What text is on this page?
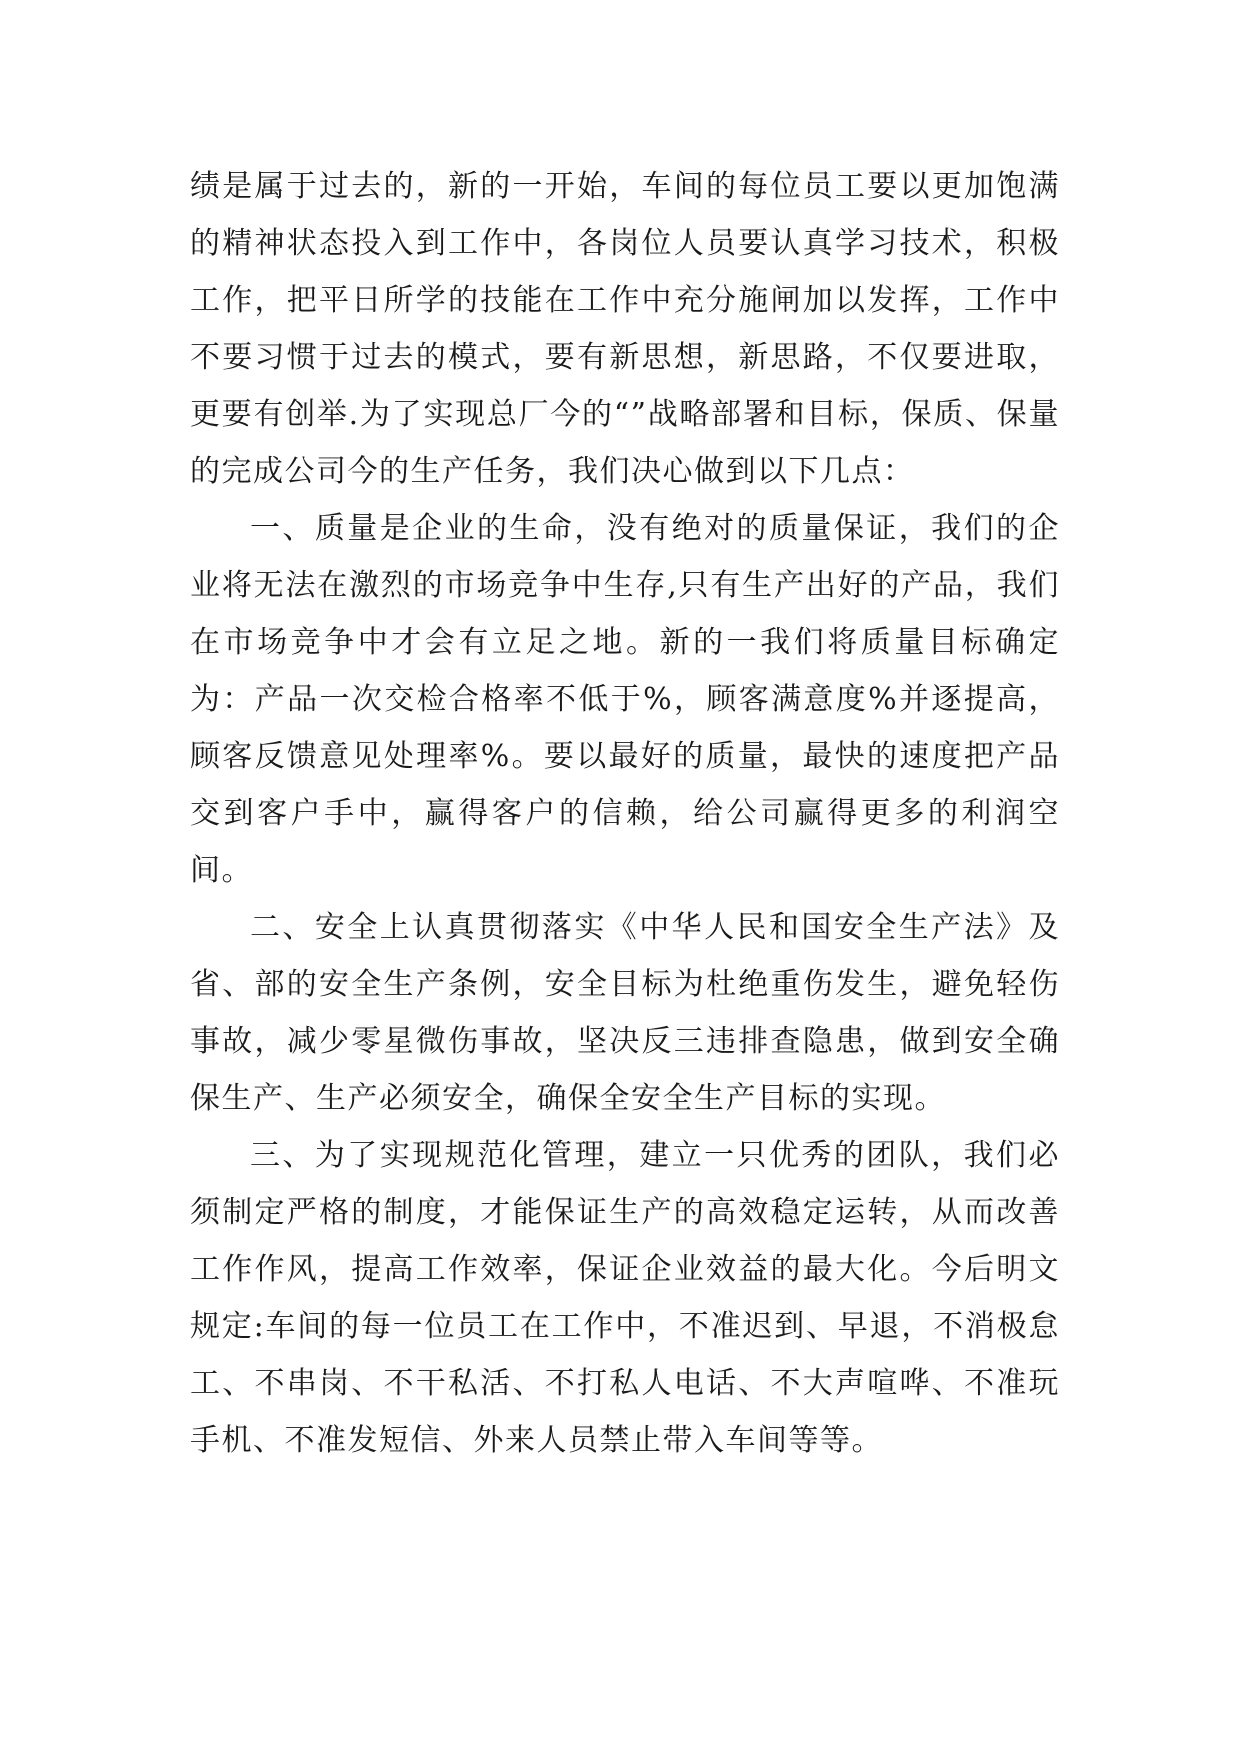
绩是属于过去的，新的一开始，车间的每位员工要以更加饱满的精神状态投入到工作中，各岗位人员要认真学习技术，积极工作，把平日所学的技能在工作中充分施闸加以发挥，工作中不要习惯于过去的模式，要有新思想，新思路，不仅要进取，更要有创举.为了实现总厂今的“”战略部署和目标，保质、保量的完成公司今的生产任务，我们决心做到以下几点：

一、质量是企业的生命，没有绝对的质量保证，我们的企业将无法在激烈的市场竞争中生存,只有生产出好的产品，我们在市场竞争中才会有立足之地。新的一我们将质量目标确定为：产品一次交检合格率不低于%，顾客满意度%并逐提高，顾客反馈意见处理率%。要以最好的质量，最快的速度把产品交到客户手中，赢得客户的信赖，给公司赢得更多的利润空间。

二、安全上认真贯彻落实《中华人民和国安全生产法》及省、部的安全生产条例，安全目标为杜绝重伤发生，避免轻伤事故，减少零星微伤事故，坚决反三违排查隐患，做到安全确保生产、生产必须安全，确保全安全生产目标的实现。

三、为了实现规范化管理，建立一只优秀的团队，我们必须制定严格的制度，才能保证生产的高效稳定运转，从而改善工作作风，提高工作效率，保证企业效益的最大化。今后明文规定:车间的每一位员工在工作中，不准迟到、早退，不消极怠工、不串岗、不干私活、不打私人电话、不大声喧哗、不准玩手机、不准发短信、外来人员禁止带入车间等等。
